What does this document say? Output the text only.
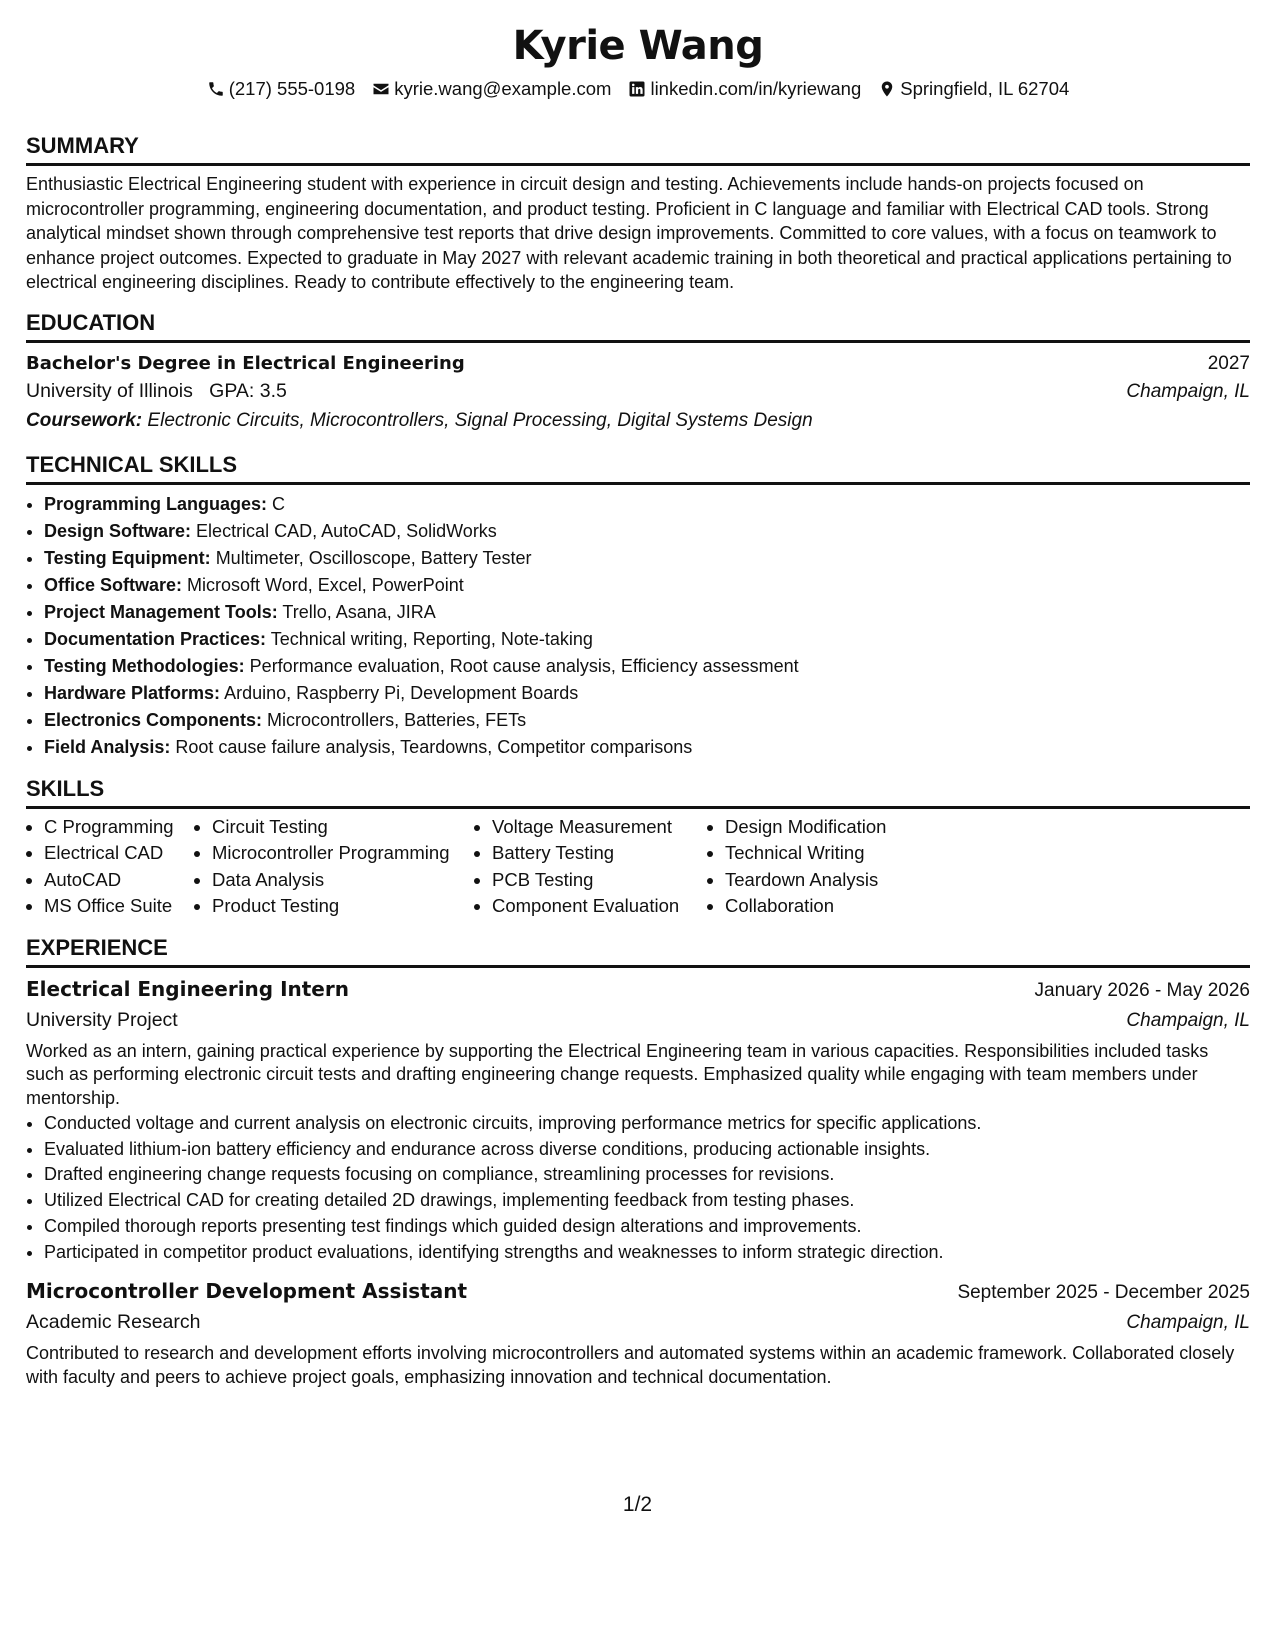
Kyrie Wang
(217) 555-0198 kyrie.wang@example.com linkedin.com/in/kyriewang Springfield, IL 62704
SUMMARY

Enthusiastic Electrical Engineering student with experience in circuit design and testing. Achievements include hands-on projects focused on microcontroller programming, engineering documentation, and product testing. Proficient in C language and familiar with Electrical CAD tools. Strong analytical mindset shown through comprehensive test reports that drive design improvements. Committed to core values, with a focus on teamwork to enhance project outcomes. Expected to graduate in May 2027 with relevant academic training in both theoretical and practical applications pertaining to electrical engineering disciplines. Ready to contribute effectively to the engineering team.

EDUCATION
Bachelor's Degree in Electrical Engineering	2027
University of Illinois GPA: 3.5	Champaign, IL
Coursework: Electronic Circuits, Microcontrollers, Signal Processing, Digital Systems Design
TECHNICAL SKILLS
• Programming Languages: C
• Design Software: Electrical CAD, AutoCAD, SolidWorks
• Testing Equipment: Multimeter, Oscilloscope, Battery Tester
• Office Software: Microsoft Word, Excel, PowerPoint
• Project Management Tools: Trello, Asana, JIRA
• Documentation Practices: Technical writing, Reporting, Note-taking
• Testing Methodologies: Performance evaluation, Root cause analysis, Efficiency assessment
• Hardware Platforms: Arduino, Raspberry Pi, Development Boards
• Electronics Components: Microcontrollers, Batteries, FETs
• Field Analysis: Root cause failure analysis, Teardowns, Competitor comparisons
SKILLS
• C Programming
• Electrical CAD
• AutoCAD
• MS Office Suite
• Circuit Testing
• Microcontroller Programming
• Data Analysis
• Product Testing
• Voltage Measurement
• Battery Testing
• PCB Testing
• Component Evaluation
• Design Modification
• Technical Writing
• Teardown Analysis
• Collaboration
EXPERIENCE
Electrical Engineering Intern	January 2026 - May 2026
University Project	Champaign, IL

Worked as an intern, gaining practical experience by supporting the Electrical Engineering team in various capacities. Responsibilities included tasks such as performing electronic circuit tests and drafting engineering change requests. Emphasized quality while engaging with team members under mentorship.

• Conducted voltage and current analysis on electronic circuits, improving performance metrics for specific applications.
• Evaluated lithium-ion battery efficiency and endurance across diverse conditions, producing actionable insights.
• Drafted engineering change requests focusing on compliance, streamlining processes for revisions.
• Utilized Electrical CAD for creating detailed 2D drawings, implementing feedback from testing phases.
• Compiled thorough reports presenting test findings which guided design alterations and improvements.
• Participated in competitor product evaluations, identifying strengths and weaknesses to inform strategic direction.
Microcontroller Development Assistant	September 2025 - December 2025
Academic Research	Champaign, IL

Contributed to research and development efforts involving microcontrollers and automated systems within an academic framework. Collaborated closely with faculty and peers to achieve project goals, emphasizing innovation and technical documentation.

1/2
